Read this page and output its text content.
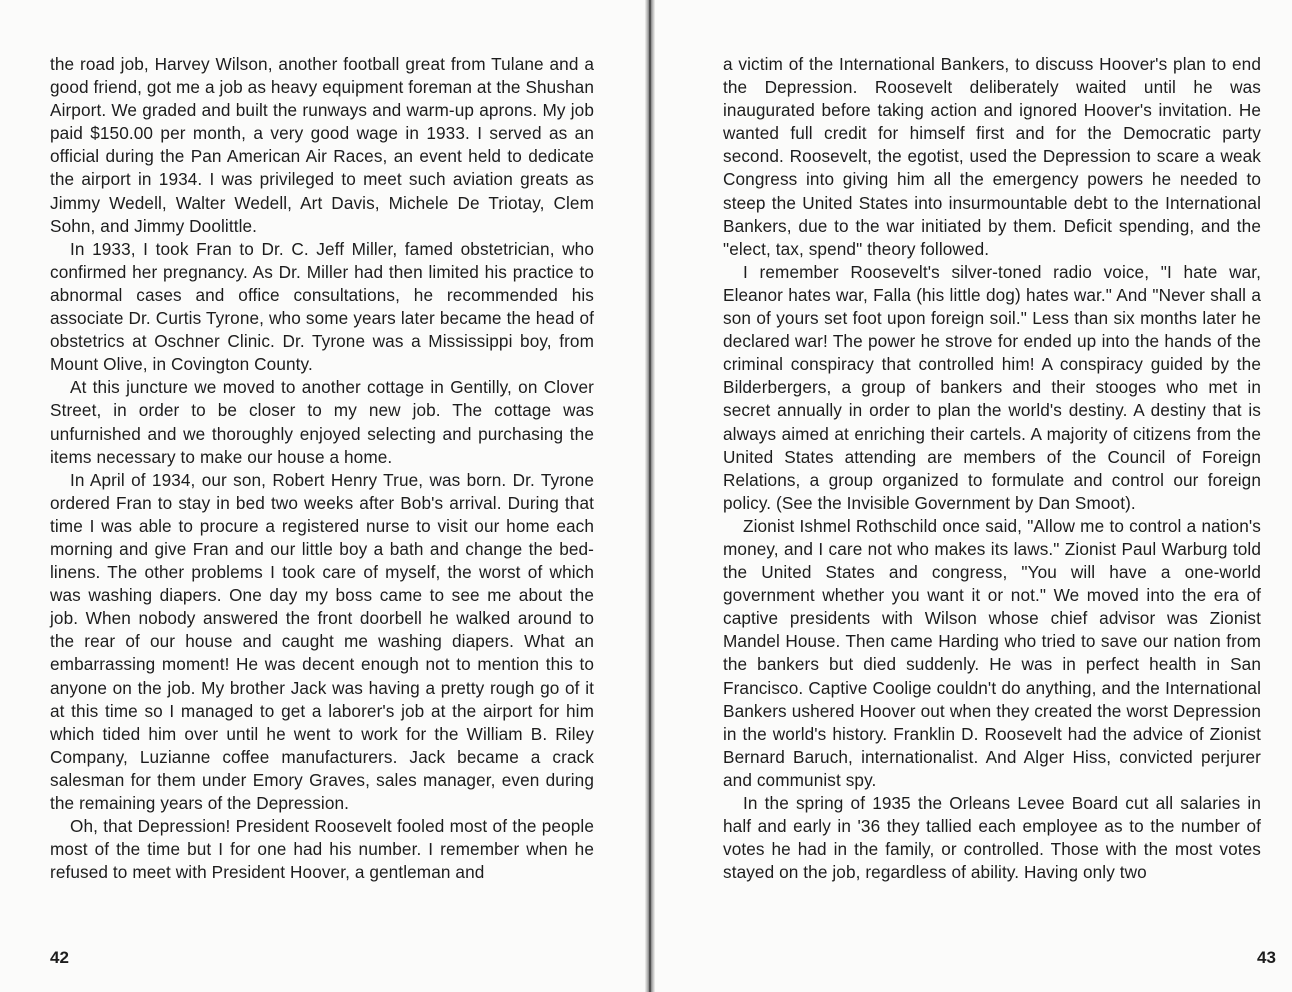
the road job, Harvey Wilson, another football great from Tulane and a good friend, got me a job as heavy equipment foreman at the Shushan Airport. We graded and built the runways and warm-up aprons. My job paid $150.00 per month, a very good wage in 1933. I served as an official during the Pan American Air Races, an event held to dedicate the airport in 1934. I was privileged to meet such aviation greats as Jimmy Wedell, Walter Wedell, Art Davis, Michele De Triotay, Clem Sohn, and Jimmy Doolittle.

In 1933, I took Fran to Dr. C. Jeff Miller, famed obstetrician, who confirmed her pregnancy. As Dr. Miller had then limited his practice to abnormal cases and office consultations, he recommended his associate Dr. Curtis Tyrone, who some years later became the head of obstetrics at Oschner Clinic. Dr. Tyrone was a Mississippi boy, from Mount Olive, in Covington County.

At this juncture we moved to another cottage in Gentilly, on Clover Street, in order to be closer to my new job. The cottage was unfurnished and we thoroughly enjoyed selecting and purchasing the items necessary to make our house a home.

In April of 1934, our son, Robert Henry True, was born. Dr. Tyrone ordered Fran to stay in bed two weeks after Bob's arrival. During that time I was able to procure a registered nurse to visit our home each morning and give Fran and our little boy a bath and change the bed-linens. The other problems I took care of myself, the worst of which was washing diapers. One day my boss came to see me about the job. When nobody answered the front doorbell he walked around to the rear of our house and caught me washing diapers. What an embarrassing moment! He was decent enough not to mention this to anyone on the job. My brother Jack was having a pretty rough go of it at this time so I managed to get a laborer's job at the airport for him which tided him over until he went to work for the William B. Riley Company, Luzianne coffee manufacturers. Jack became a crack salesman for them under Emory Graves, sales manager, even during the remaining years of the Depression.

Oh, that Depression! President Roosevelt fooled most of the people most of the time but I for one had his number. I remember when he refused to meet with President Hoover, a gentleman and

42

a victim of the International Bankers, to discuss Hoover's plan to end the Depression. Roosevelt deliberately waited until he was inaugurated before taking action and ignored Hoover's invitation. He wanted full credit for himself first and for the Democratic party second. Roosevelt, the egotist, used the Depression to scare a weak Congress into giving him all the emergency powers he needed to steep the United States into insurmountable debt to the International Bankers, due to the war initiated by them. Deficit spending, and the "elect, tax, spend" theory followed.

I remember Roosevelt's silver-toned radio voice, "I hate war, Eleanor hates war, Falla (his little dog) hates war." And "Never shall a son of yours set foot upon foreign soil." Less than six months later he declared war! The power he strove for ended up into the hands of the criminal conspiracy that controlled him! A conspiracy guided by the Bilderbergers, a group of bankers and their stooges who met in secret annually in order to plan the world's destiny. A destiny that is always aimed at enriching their cartels. A majority of citizens from the United States attending are members of the Council of Foreign Relations, a group organized to formulate and control our foreign policy. (See the Invisible Government by Dan Smoot).

Zionist Ishmel Rothschild once said, "Allow me to control a nation's money, and I care not who makes its laws." Zionist Paul Warburg told the United States and congress, "You will have a one-world government whether you want it or not." We moved into the era of captive presidents with Wilson whose chief advisor was Zionist Mandel House. Then came Harding who tried to save our nation from the bankers but died suddenly. He was in perfect health in San Francisco. Captive Coolige couldn't do anything, and the International Bankers ushered Hoover out when they created the worst Depression in the world's history. Franklin D. Roosevelt had the advice of Zionist Bernard Baruch, internationalist. And Alger Hiss, convicted perjurer and communist spy.

In the spring of 1935 the Orleans Levee Board cut all salaries in half and early in '36 they tallied each employee as to the number of votes he had in the family, or controlled. Those with the most votes stayed on the job, regardless of ability. Having only two

43
